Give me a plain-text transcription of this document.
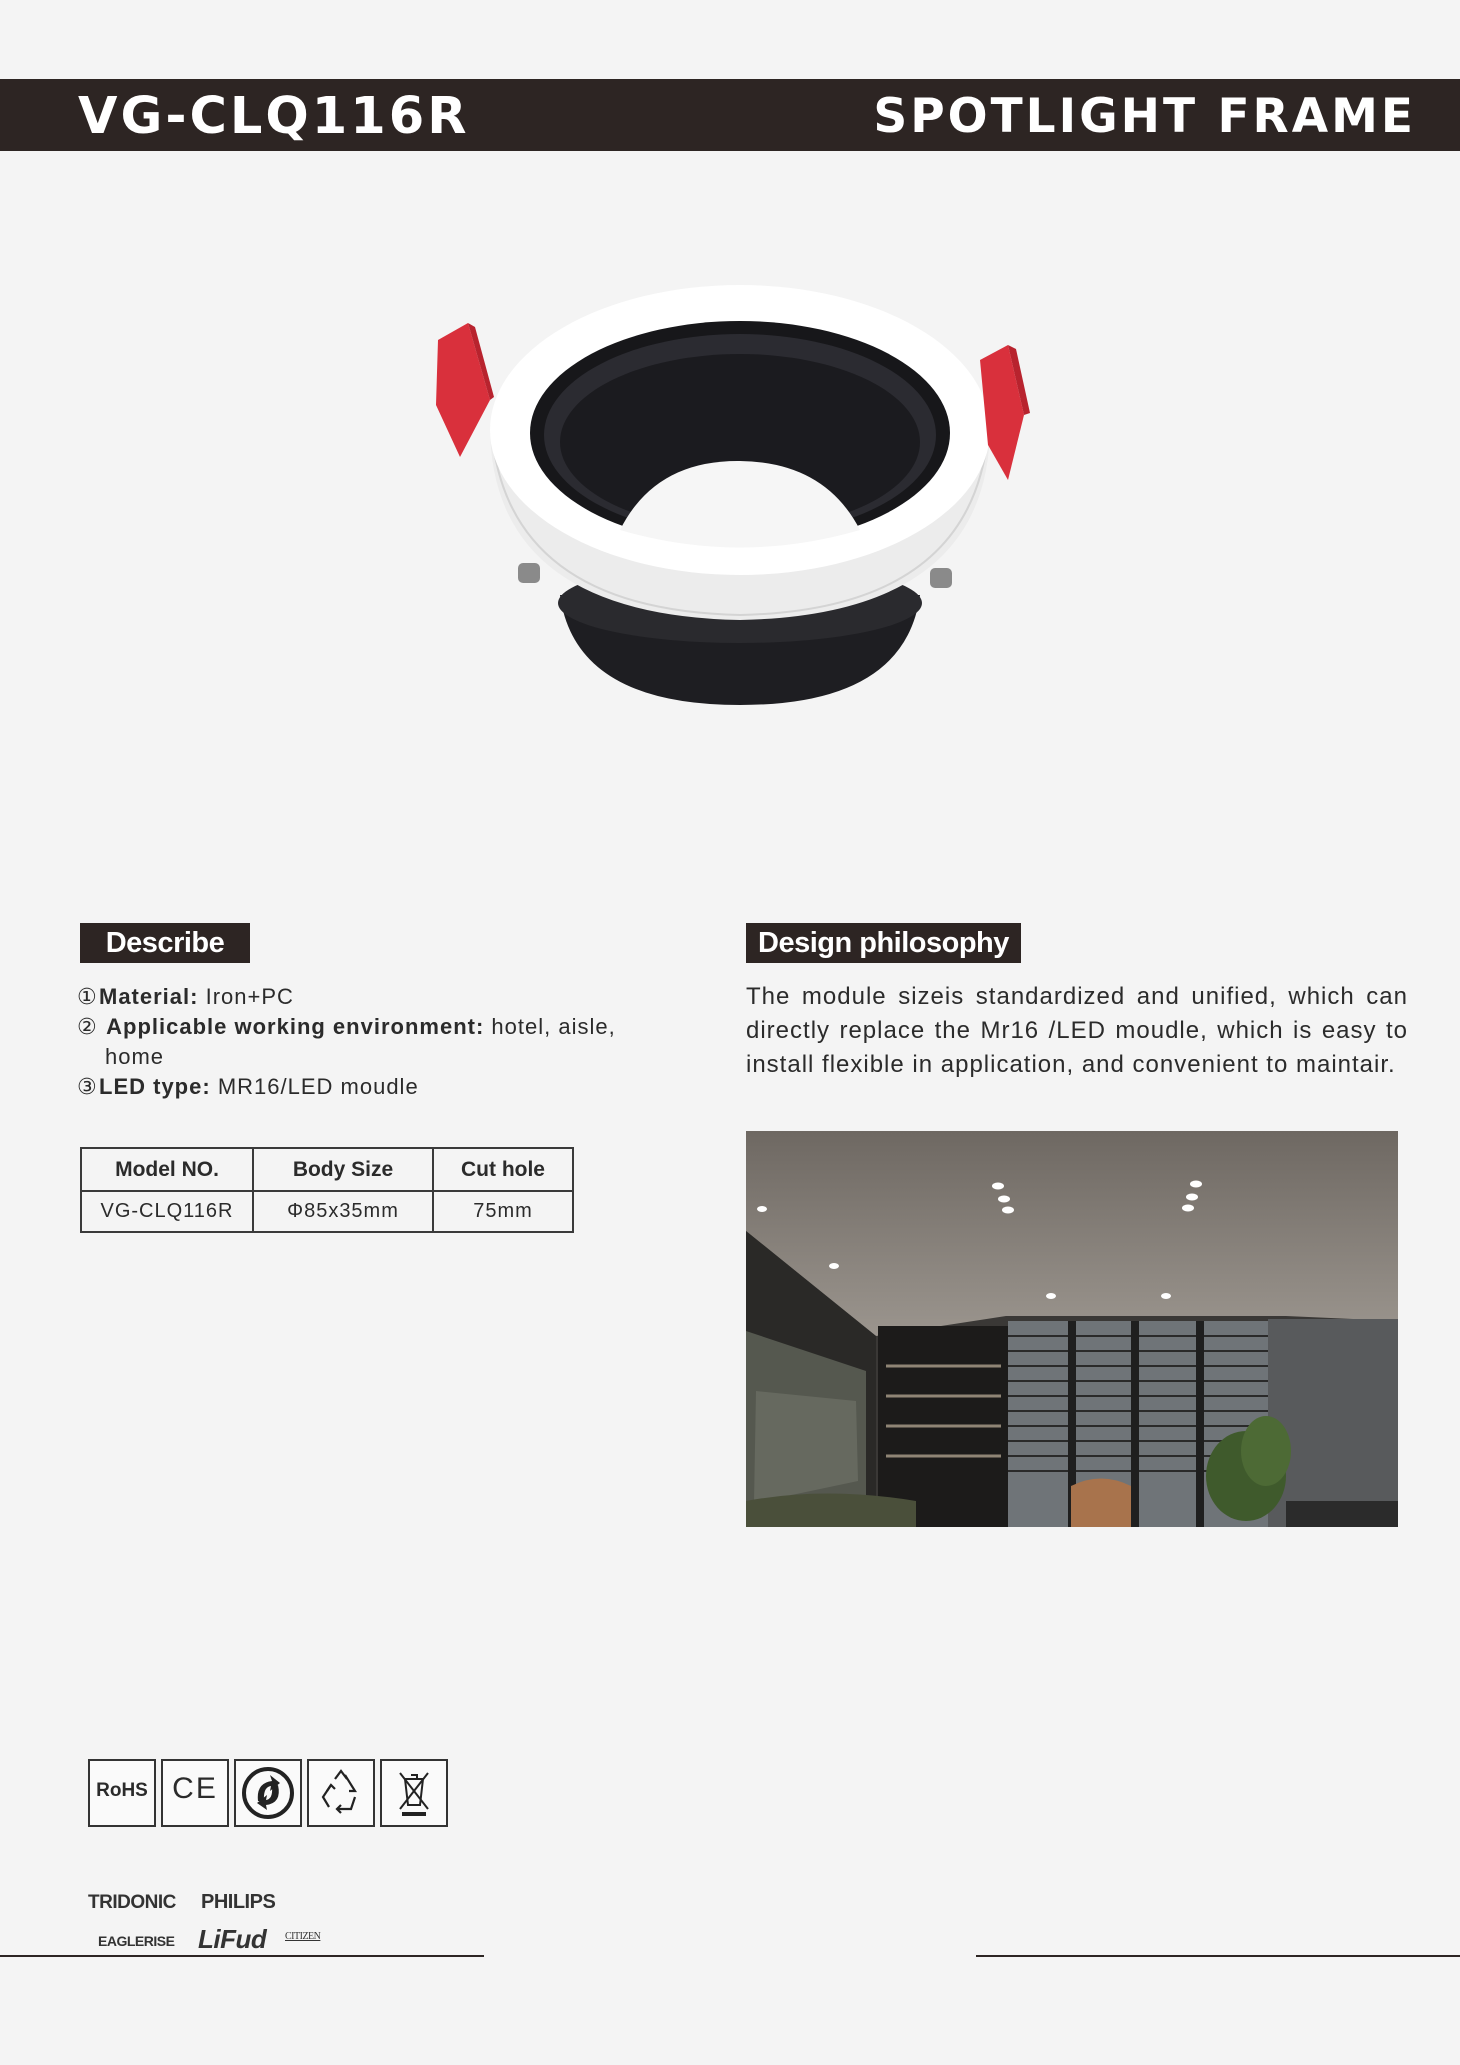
VG-CLQ116R	SPOTLIGHT FRAME
Describe
①Material: Iron+PC
② Applicable working environment: hotel, aisle,
home
③LED type: MR16/LED moudle
Model NO.	Body Size	Cut hole
VG-CLQ116R	Φ85x35mm	75mm
Design philosophy
The module sizeis standardized and unified, which can directly replace the Mr16 /LED moudle, which is easy to install flexible in application, and convenient to maintair.
RoHS CE
TRIDONIC PHILIPS
EAGLERISE LiFud CITIZEN
